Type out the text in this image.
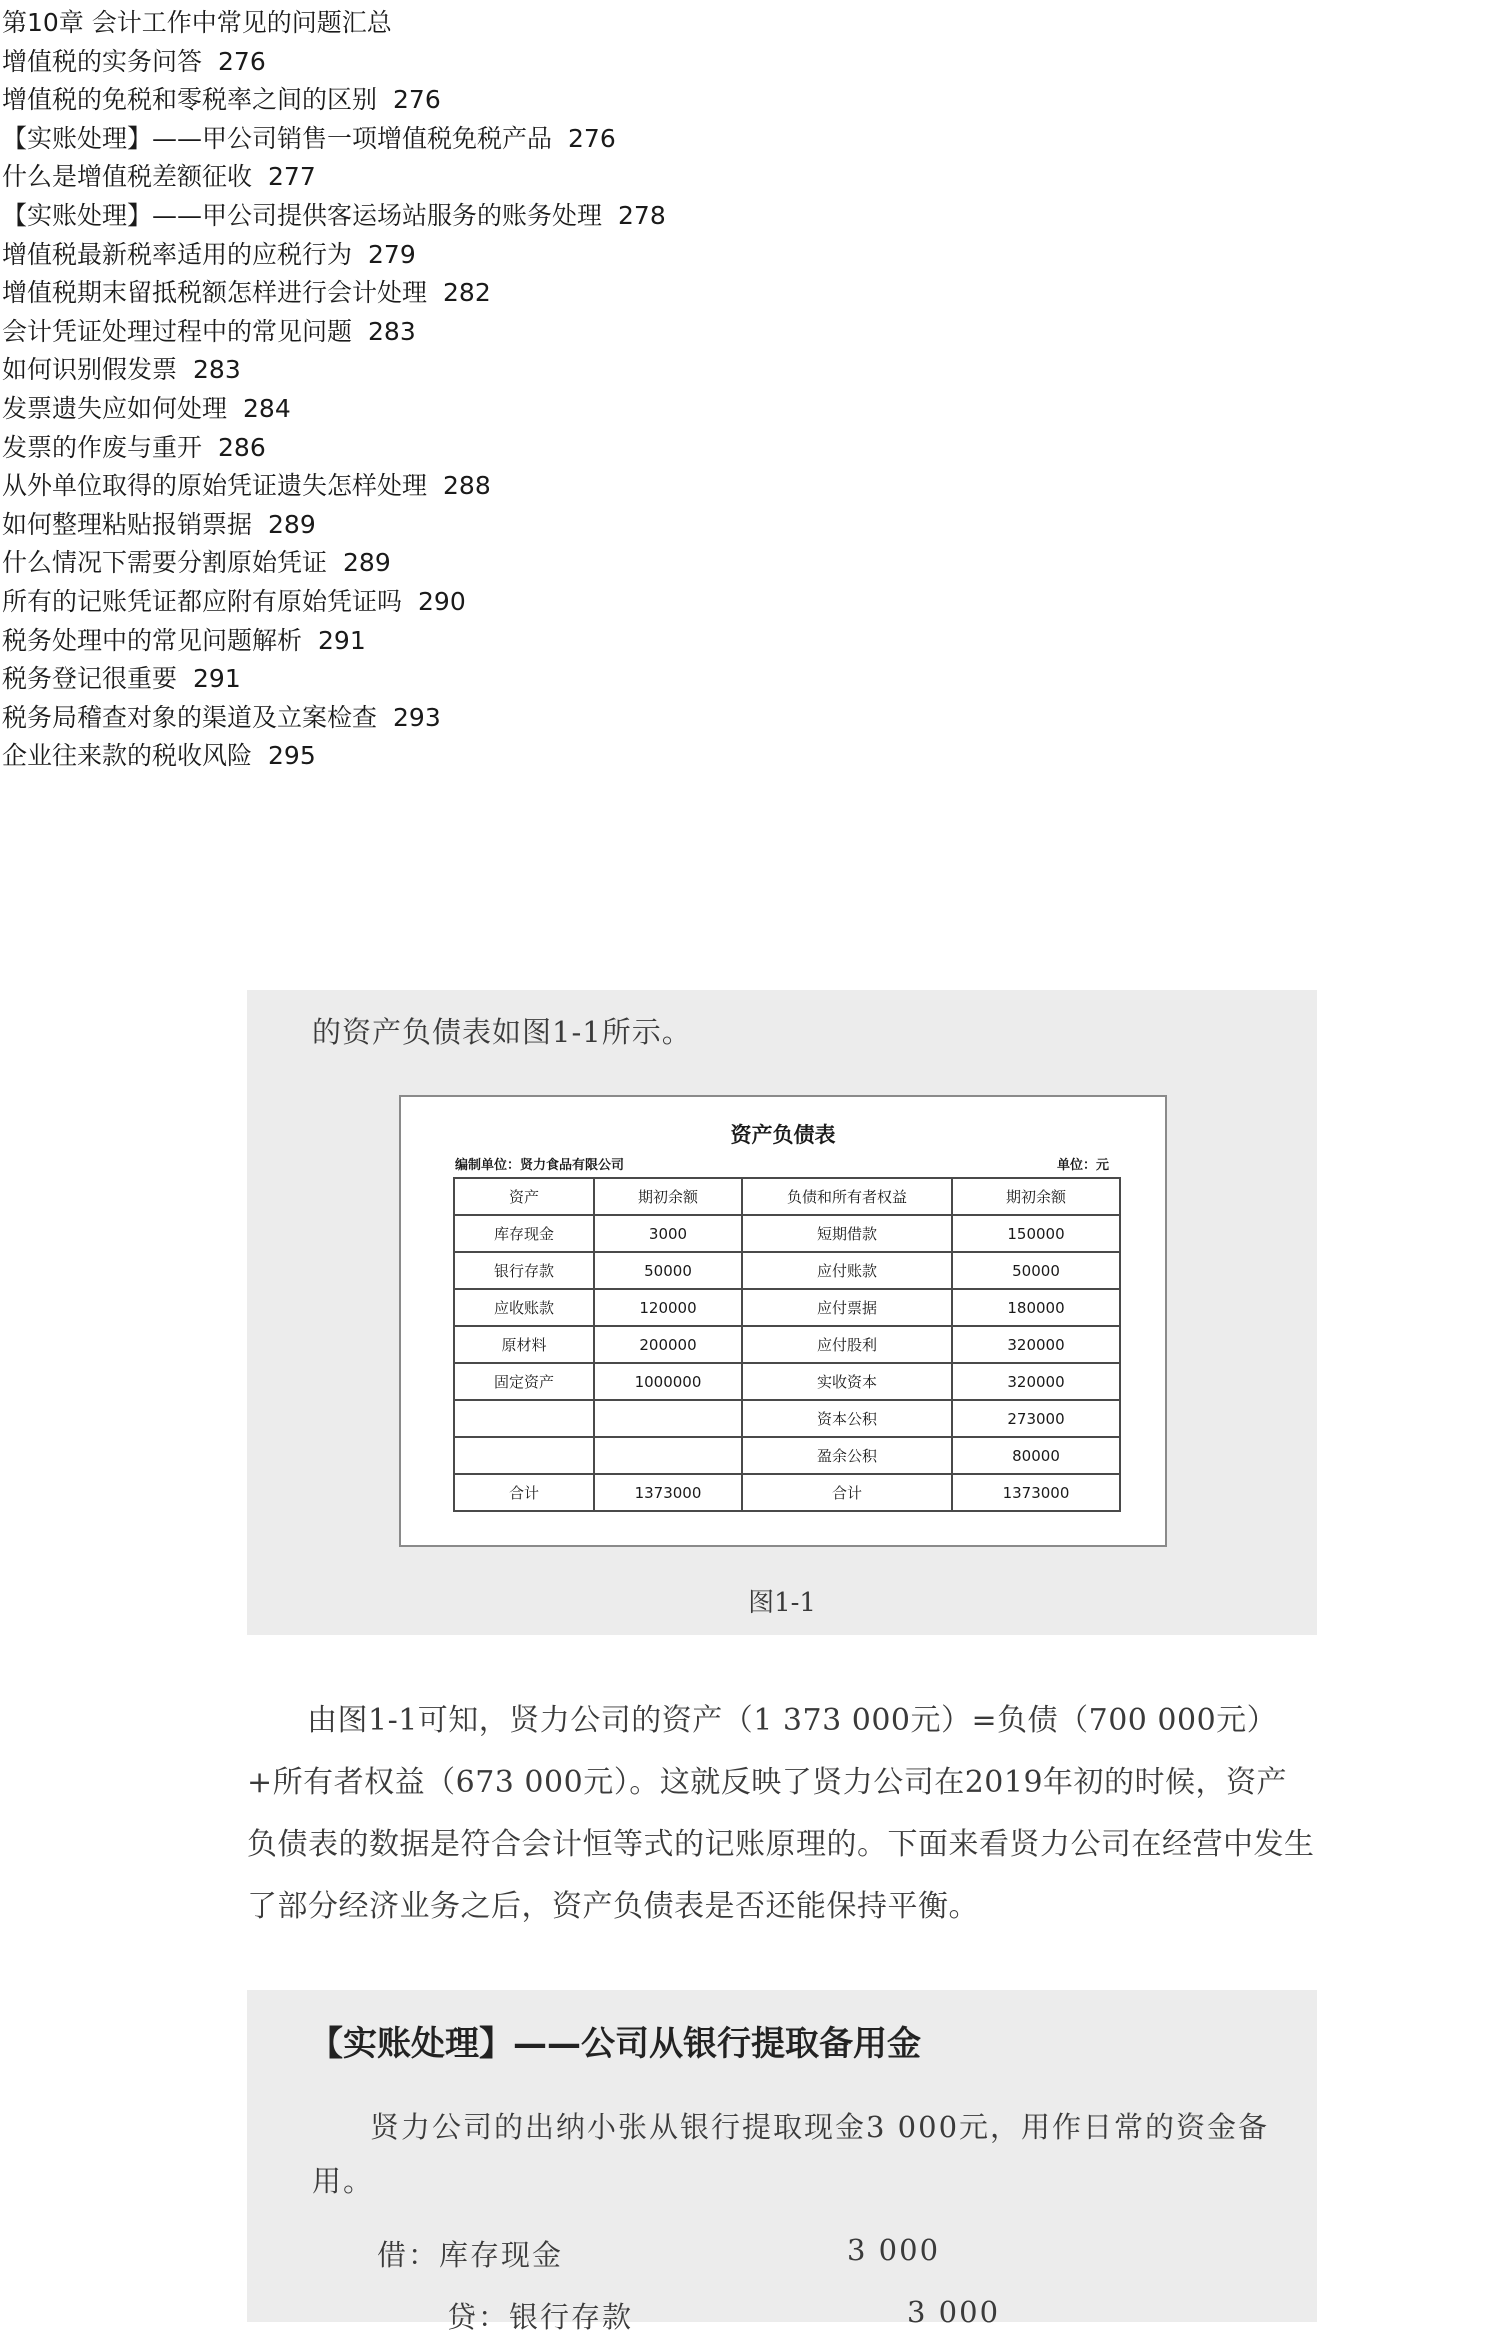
第10章 会计工作中常见的问题汇总
增值税的实务问答 276
增值税的免税和零税率之间的区别 276
【实账处理】——甲公司销售一项增值税免税产品 276
什么是增值税差额征收 277
【实账处理】——甲公司提供客运场站服务的账务处理 278
增值税最新税率适用的应税行为 279
增值税期末留抵税额怎样进行会计处理 282
会计凭证处理过程中的常见问题 283
如何识别假发票 283
发票遗失应如何处理 284
发票的作废与重开 286
从外单位取得的原始凭证遗失怎样处理 288
如何整理粘贴报销票据 289
什么情况下需要分割原始凭证 289
所有的记账凭证都应附有原始凭证吗 290
税务处理中的常见问题解析 291
税务登记很重要 291
税务局稽查对象的渠道及立案检查 293
企业往来款的税收风险 295
的资产负债表如图1-1所示。
资产负债表
编制单位：贤力食品有限公司	单位：元
资产	期初余额	负债和所有者权益	期初余额
库存现金	3000	短期借款	150000
银行存款	50000	应付账款	50000
应收账款	120000	应付票据	180000
原材料	200000	应付股利	320000
固定资产	1000000	实收资本	320000
		资本公积	273000
		盈余公积	80000
合计	1373000	合计	1373000
图1-1

由图1-1可知，贤力公司的资产（1 373 000元）=负债（700 000元）+所有者权益（673 000元）。这就反映了贤力公司在2019年初的时候，资产负债表的数据是符合会计恒等式的记账原理的。下面来看贤力公司在经营中发生了部分经济业务之后，资产负债表是否还能保持平衡。

【实账处理】——公司从银行提取备用金

贤力公司的出纳小张从银行提取现金3 000元，用作日常的资金备用。

借：库存现金	3 000
贷：银行存款	3 000
